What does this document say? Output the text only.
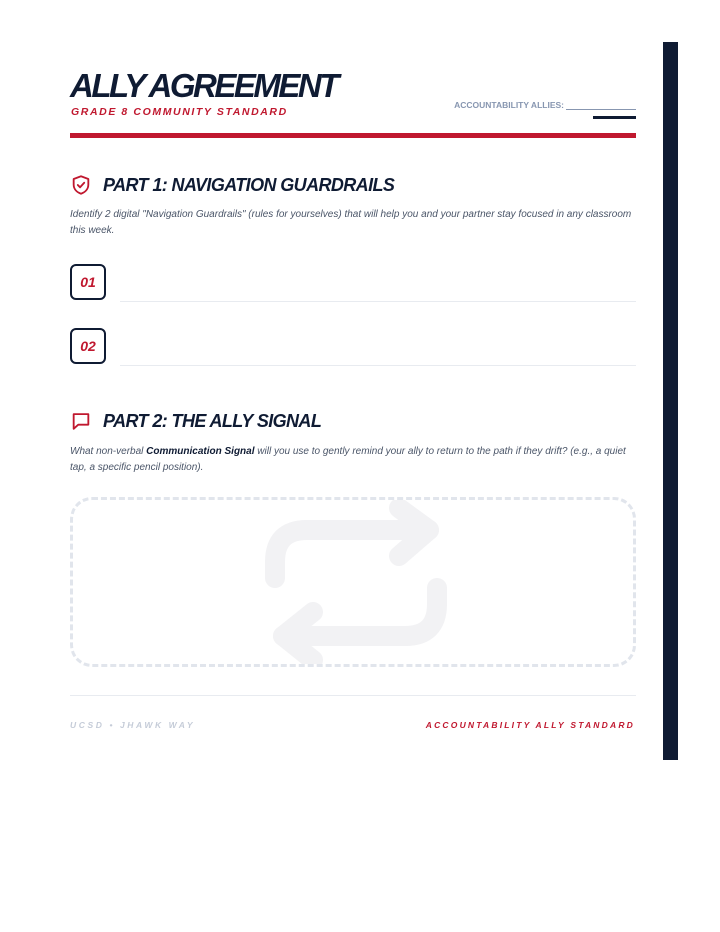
ALLY AGREEMENT
GRADE 8 COMMUNITY STANDARD
ACCOUNTABILITY ALLIES:
PART 1: NAVIGATION GUARDRAILS
Identify 2 digital "Navigation Guardrails" (rules for yourselves) that will help you and your partner stay focused in any classroom this week.
01
02
PART 2: THE ALLY SIGNAL
What non-verbal Communication Signal will you use to gently remind your ally to return to the path if they drift? (e.g., a quiet tap, a specific pencil position).
UCSD • JHAWK WAY	ACCOUNTABILITY ALLY STANDARD
